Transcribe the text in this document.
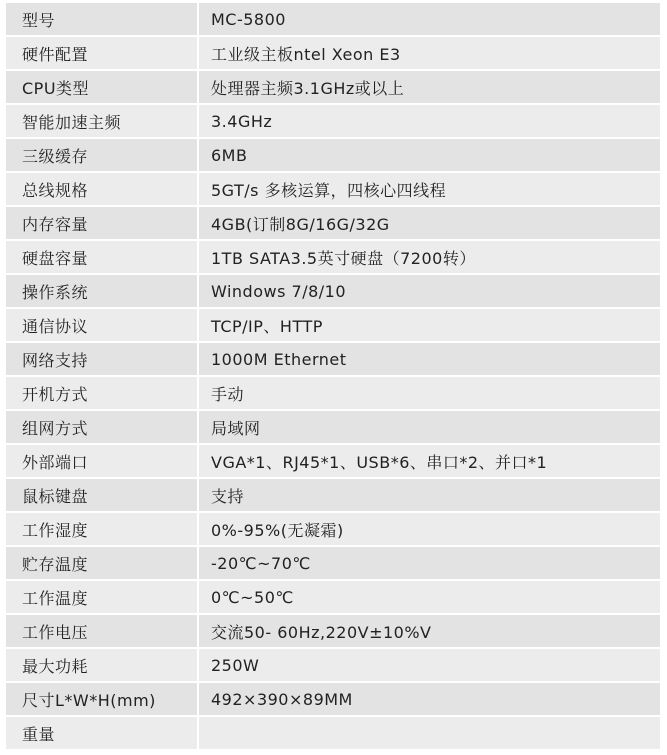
型号	MC-5800
硬件配置	工业级主板ntel Xeon E3
CPU类型	处理器主频3.1GHz或以上
智能加速主频	3.4GHz
三级缓存	6MB
总线规格	5GT/s 多核运算，四核心四线程
内存容量	4GB(订制8G/16G/32G
硬盘容量	1TB SATA3.5英寸硬盘（7200转）
操作系统	Windows 7/8/10
通信协议	TCP/IP、HTTP
网络支持	1000M Ethernet
开机方式	手动
组网方式	局域网
外部端口	VGA*1、RJ45*1、USB*6、串口*2、并口*1
鼠标键盘	支持
工作湿度	0%-95%(无凝霜)
贮存温度	-20℃~70℃
工作温度	0℃~50℃
工作电压	交流50- 60Hz,220V±10%V
最大功耗	250W
尺寸L*W*H(mm)	492×390×89MM
重量	
